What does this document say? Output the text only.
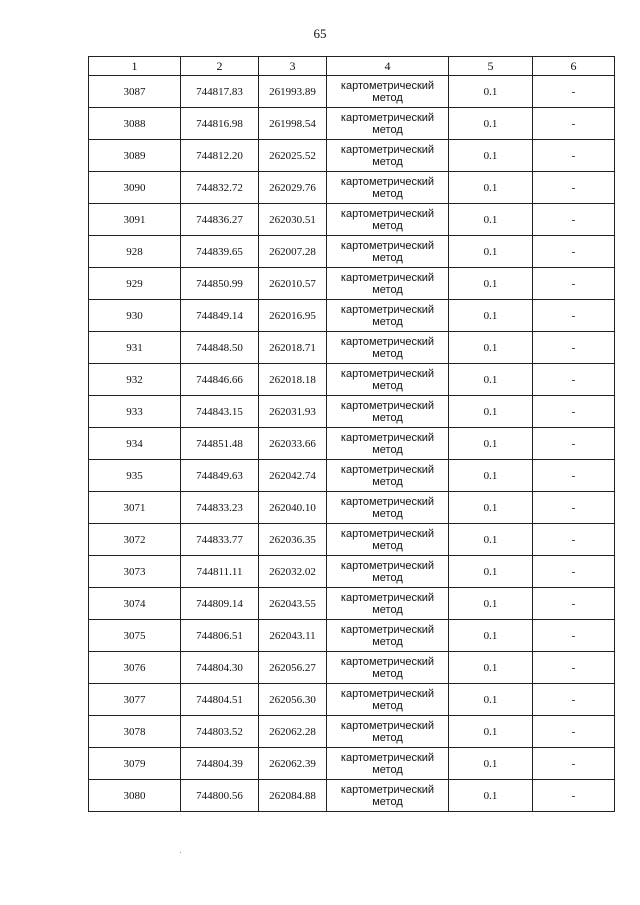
65
1	2	3	4	5	6
3087	744817.83	261993.89	картометрический метод	0.1	-
3088	744816.98	261998.54	картометрический метод	0.1	-
3089	744812.20	262025.52	картометрический метод	0.1	-
3090	744832.72	262029.76	картометрический метод	0.1	-
3091	744836.27	262030.51	картометрический метод	0.1	-
928	744839.65	262007.28	картометрический метод	0.1	-
929	744850.99	262010.57	картометрический метод	0.1	-
930	744849.14	262016.95	картометрический метод	0.1	-
931	744848.50	262018.71	картометрический метод	0.1	-
932	744846.66	262018.18	картометрический метод	0.1	-
933	744843.15	262031.93	картометрический метод	0.1	-
934	744851.48	262033.66	картометрический метод	0.1	-
935	744849.63	262042.74	картометрический метод	0.1	-
3071	744833.23	262040.10	картометрический метод	0.1	-
3072	744833.77	262036.35	картометрический метод	0.1	-
3073	744811.11	262032.02	картометрический метод	0.1	-
3074	744809.14	262043.55	картометрический метод	0.1	-
3075	744806.51	262043.11	картометрический метод	0.1	-
3076	744804.30	262056.27	картометрический метод	0.1	-
3077	744804.51	262056.30	картометрический метод	0.1	-
3078	744803.52	262062.28	картометрический метод	0.1	-
3079	744804.39	262062.39	картометрический метод	0.1	-
3080	744800.56	262084.88	картометрический метод	0.1	-
